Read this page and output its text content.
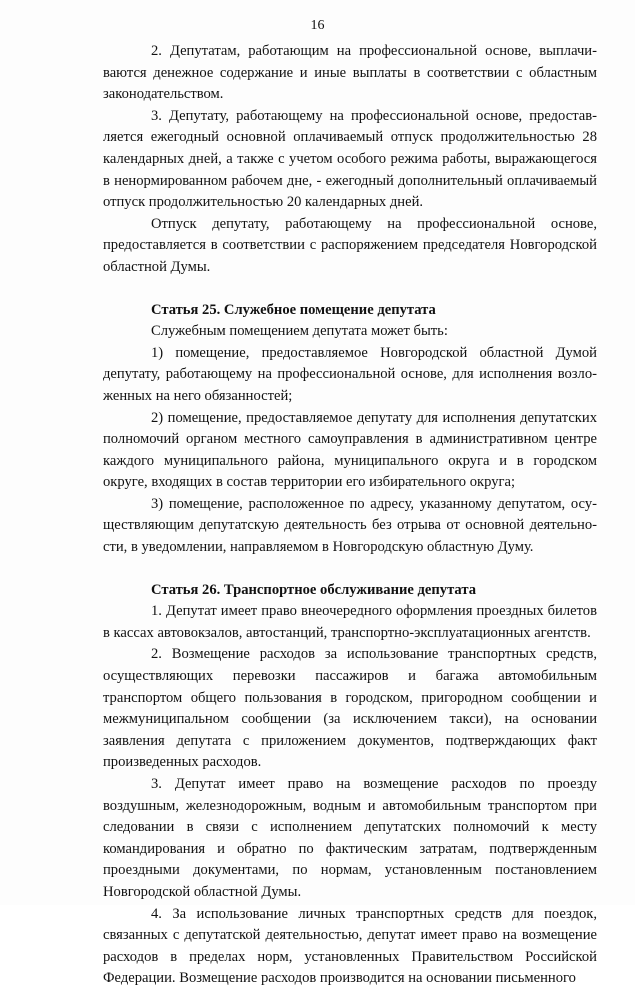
16

2. Депутатам, работающим на профессиональной основе, выплачиваются денежное содержание и иные выплаты в соответствии с областным законодательством.

3. Депутату, работающему на профессиональной основе, предоставляется ежегодный основной оплачиваемый отпуск продолжительностью 28 календарных дней, а также с учетом особого режима работы, выражающегося в ненормированном рабочем дне, - ежегодный дополнительный оплачиваемый отпуск продолжительностью 20 календарных дней.

Отпуск депутату, работающему на профессиональной основе, предоставляется в соответствии с распоряжением председателя Новгородской областной Думы.

Статья 25. Служебное помещение депутата

Служебным помещением депутата может быть:

1) помещение, предоставляемое Новгородской областной Думой депутату, работающему на профессиональной основе, для исполнения возложенных на него обязанностей;

2) помещение, предоставляемое депутату для исполнения депутатских полномочий органом местного самоуправления в административном центре каждого муниципального района, муниципального округа и в городском округе, входящих в состав территории его избирательного округа;

3) помещение, расположенное по адресу, указанному депутатом, осуществляющим депутатскую деятельность без отрыва от основной деятельности, в уведомлении, направляемом в Новгородскую областную Думу.

Статья 26. Транспортное обслуживание депутата

1. Депутат имеет право внеочередного оформления проездных билетов в кассах автовокзалов, автостанций, транспортно-эксплуатационных агентств.

2. Возмещение расходов за использование транспортных средств, осуществляющих перевозки пассажиров и багажа автомобильным транспортом общего пользования в городском, пригородном сообщении и межмуниципальном сообщении (за исключением такси), на основании заявления депутата с приложением документов, подтверждающих факт произведенных расходов.

3. Депутат имеет право на возмещение расходов по проезду воздушным, железнодорожным, водным и автомобильным транспортом при следовании в связи с исполнением депутатских полномочий к месту командирования и обратно по фактическим затратам, подтвержденным проездными документами, по нормам, установленным постановлением Новгородской областной Думы.

4. За использование личных транспортных средств для поездок, связанных с депутатской деятельностью, депутат имеет право на возмещение расходов в пределах норм, установленных Правительством Российской Федерации. Возмещение расходов производится на основании письменного
